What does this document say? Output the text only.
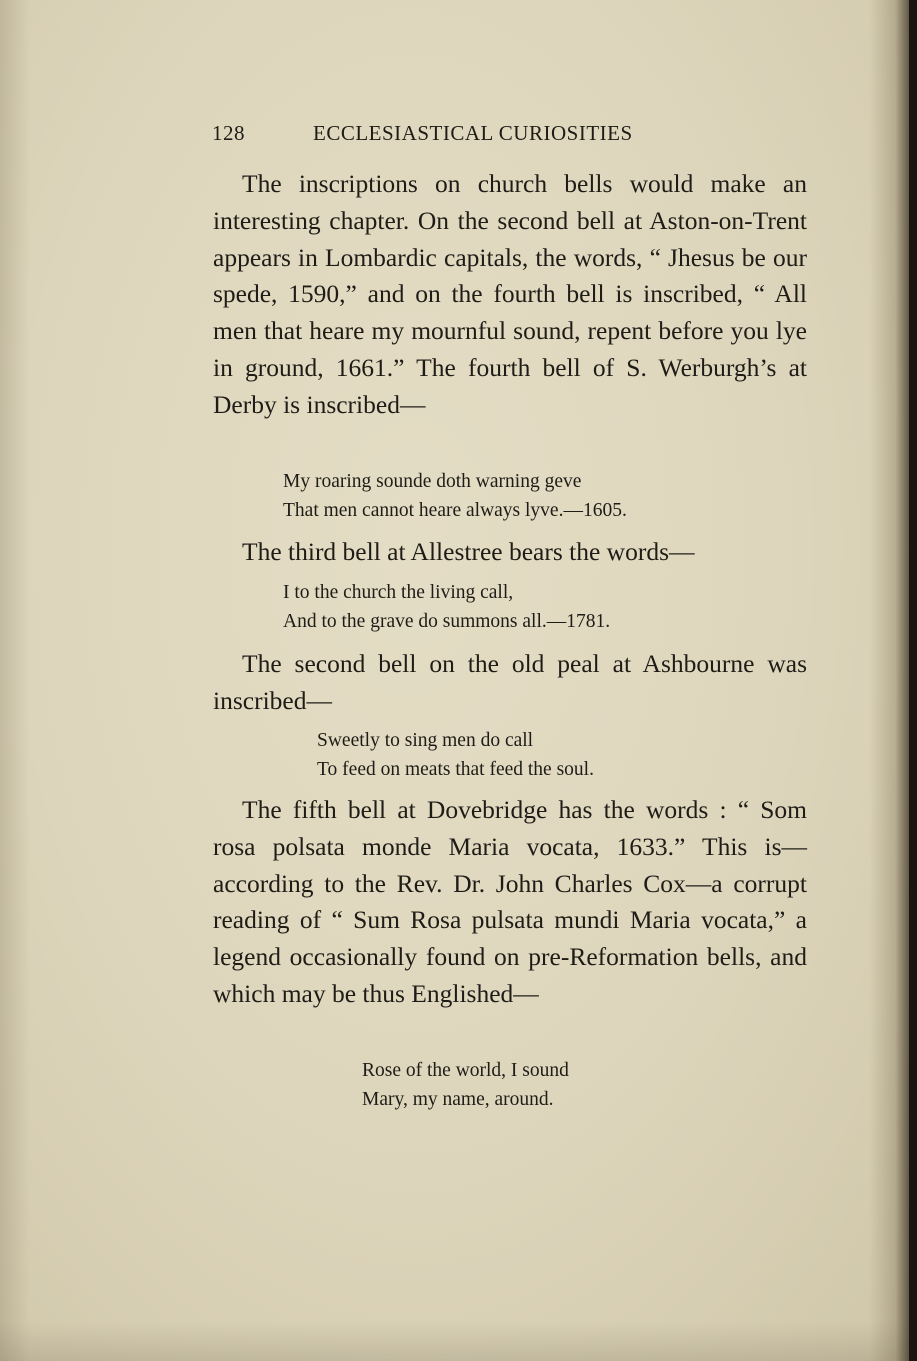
128	ECCLESIASTICAL CURIOSITIES

The inscriptions on church bells would make an interesting chapter. On the second bell at Aston-on-Trent appears in Lombardic capitals, the words, “ Jhesus be our spede, 1590,” and on the fourth bell is inscribed, “ All men that heare my mournful sound, repent before you lye in ground, 1661.” The fourth bell of S. Werburgh’s at Derby is inscribed—

My roaring sounde doth warning geve
That men cannot heare always lyve.—1605.

The third bell at Allestree bears the words—

I to the church the living call,
And to the grave do summons all.—1781.

The second bell on the old peal at Ashbourne was inscribed—

Sweetly to sing men do call
To feed on meats that feed the soul.

The fifth bell at Dovebridge has the words : “ Som rosa polsata monde Maria vocata, 1633.” This is—according to the Rev. Dr. John Charles Cox—a corrupt reading of “ Sum Rosa pulsata mundi Maria vocata,” a legend occasionally found on pre-Reformation bells, and which may be thus Englished—

Rose of the world, I sound
Mary, my name, around.
